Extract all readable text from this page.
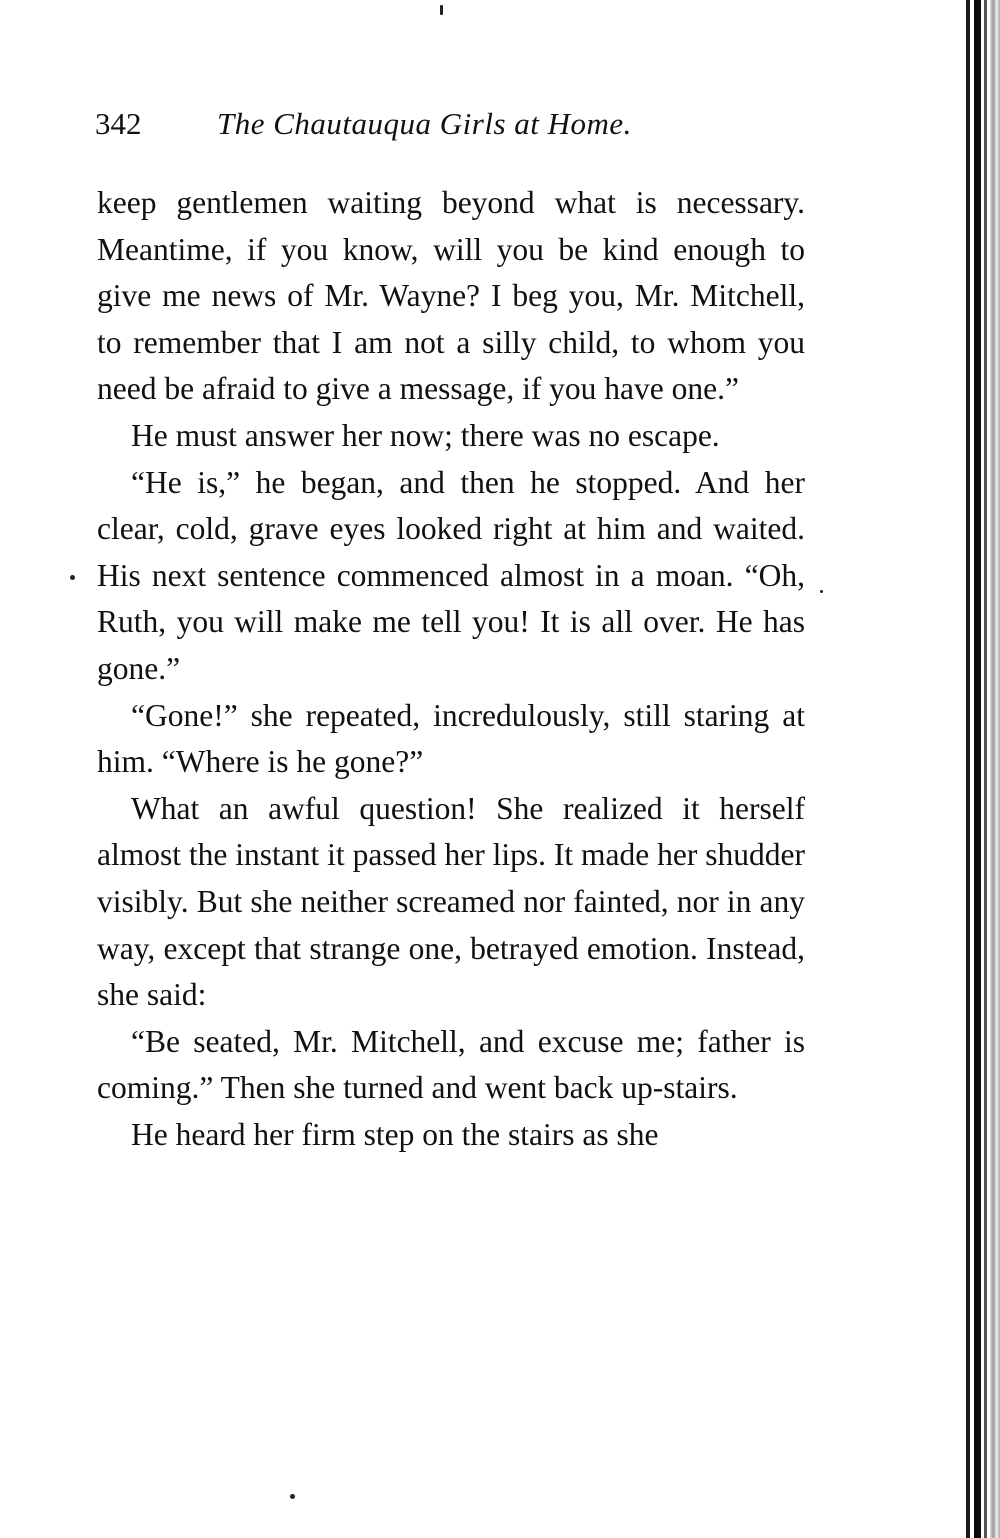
342 The Chautauqua Girls at Home.

keep gentlemen waiting beyond what is necessary. Meantime, if you know, will you be kind enough to give me news of Mr. Wayne? I beg you, Mr. Mitchell, to remember that I am not a silly child, to whom you need be afraid to give a message, if you have one.”

He must answer her now; there was no escape.

“He is,” he began, and then he stopped. And her clear, cold, grave eyes looked right at him and waited. His next sentence commenced almost in a moan. “Oh, Ruth, you will make me tell you! It is all over. He has gone.”

“Gone!” she repeated, incredulously, still staring at him. “Where is he gone?”

What an awful question! She realized it herself almost the instant it passed her lips. It made her shudder visibly. But she neither screamed nor fainted, nor in any way, except that strange one, betrayed emotion. Instead, she said:

“Be seated, Mr. Mitchell, and excuse me; father is coming.” Then she turned and went back up-stairs.

He heard her firm step on the stairs as she
